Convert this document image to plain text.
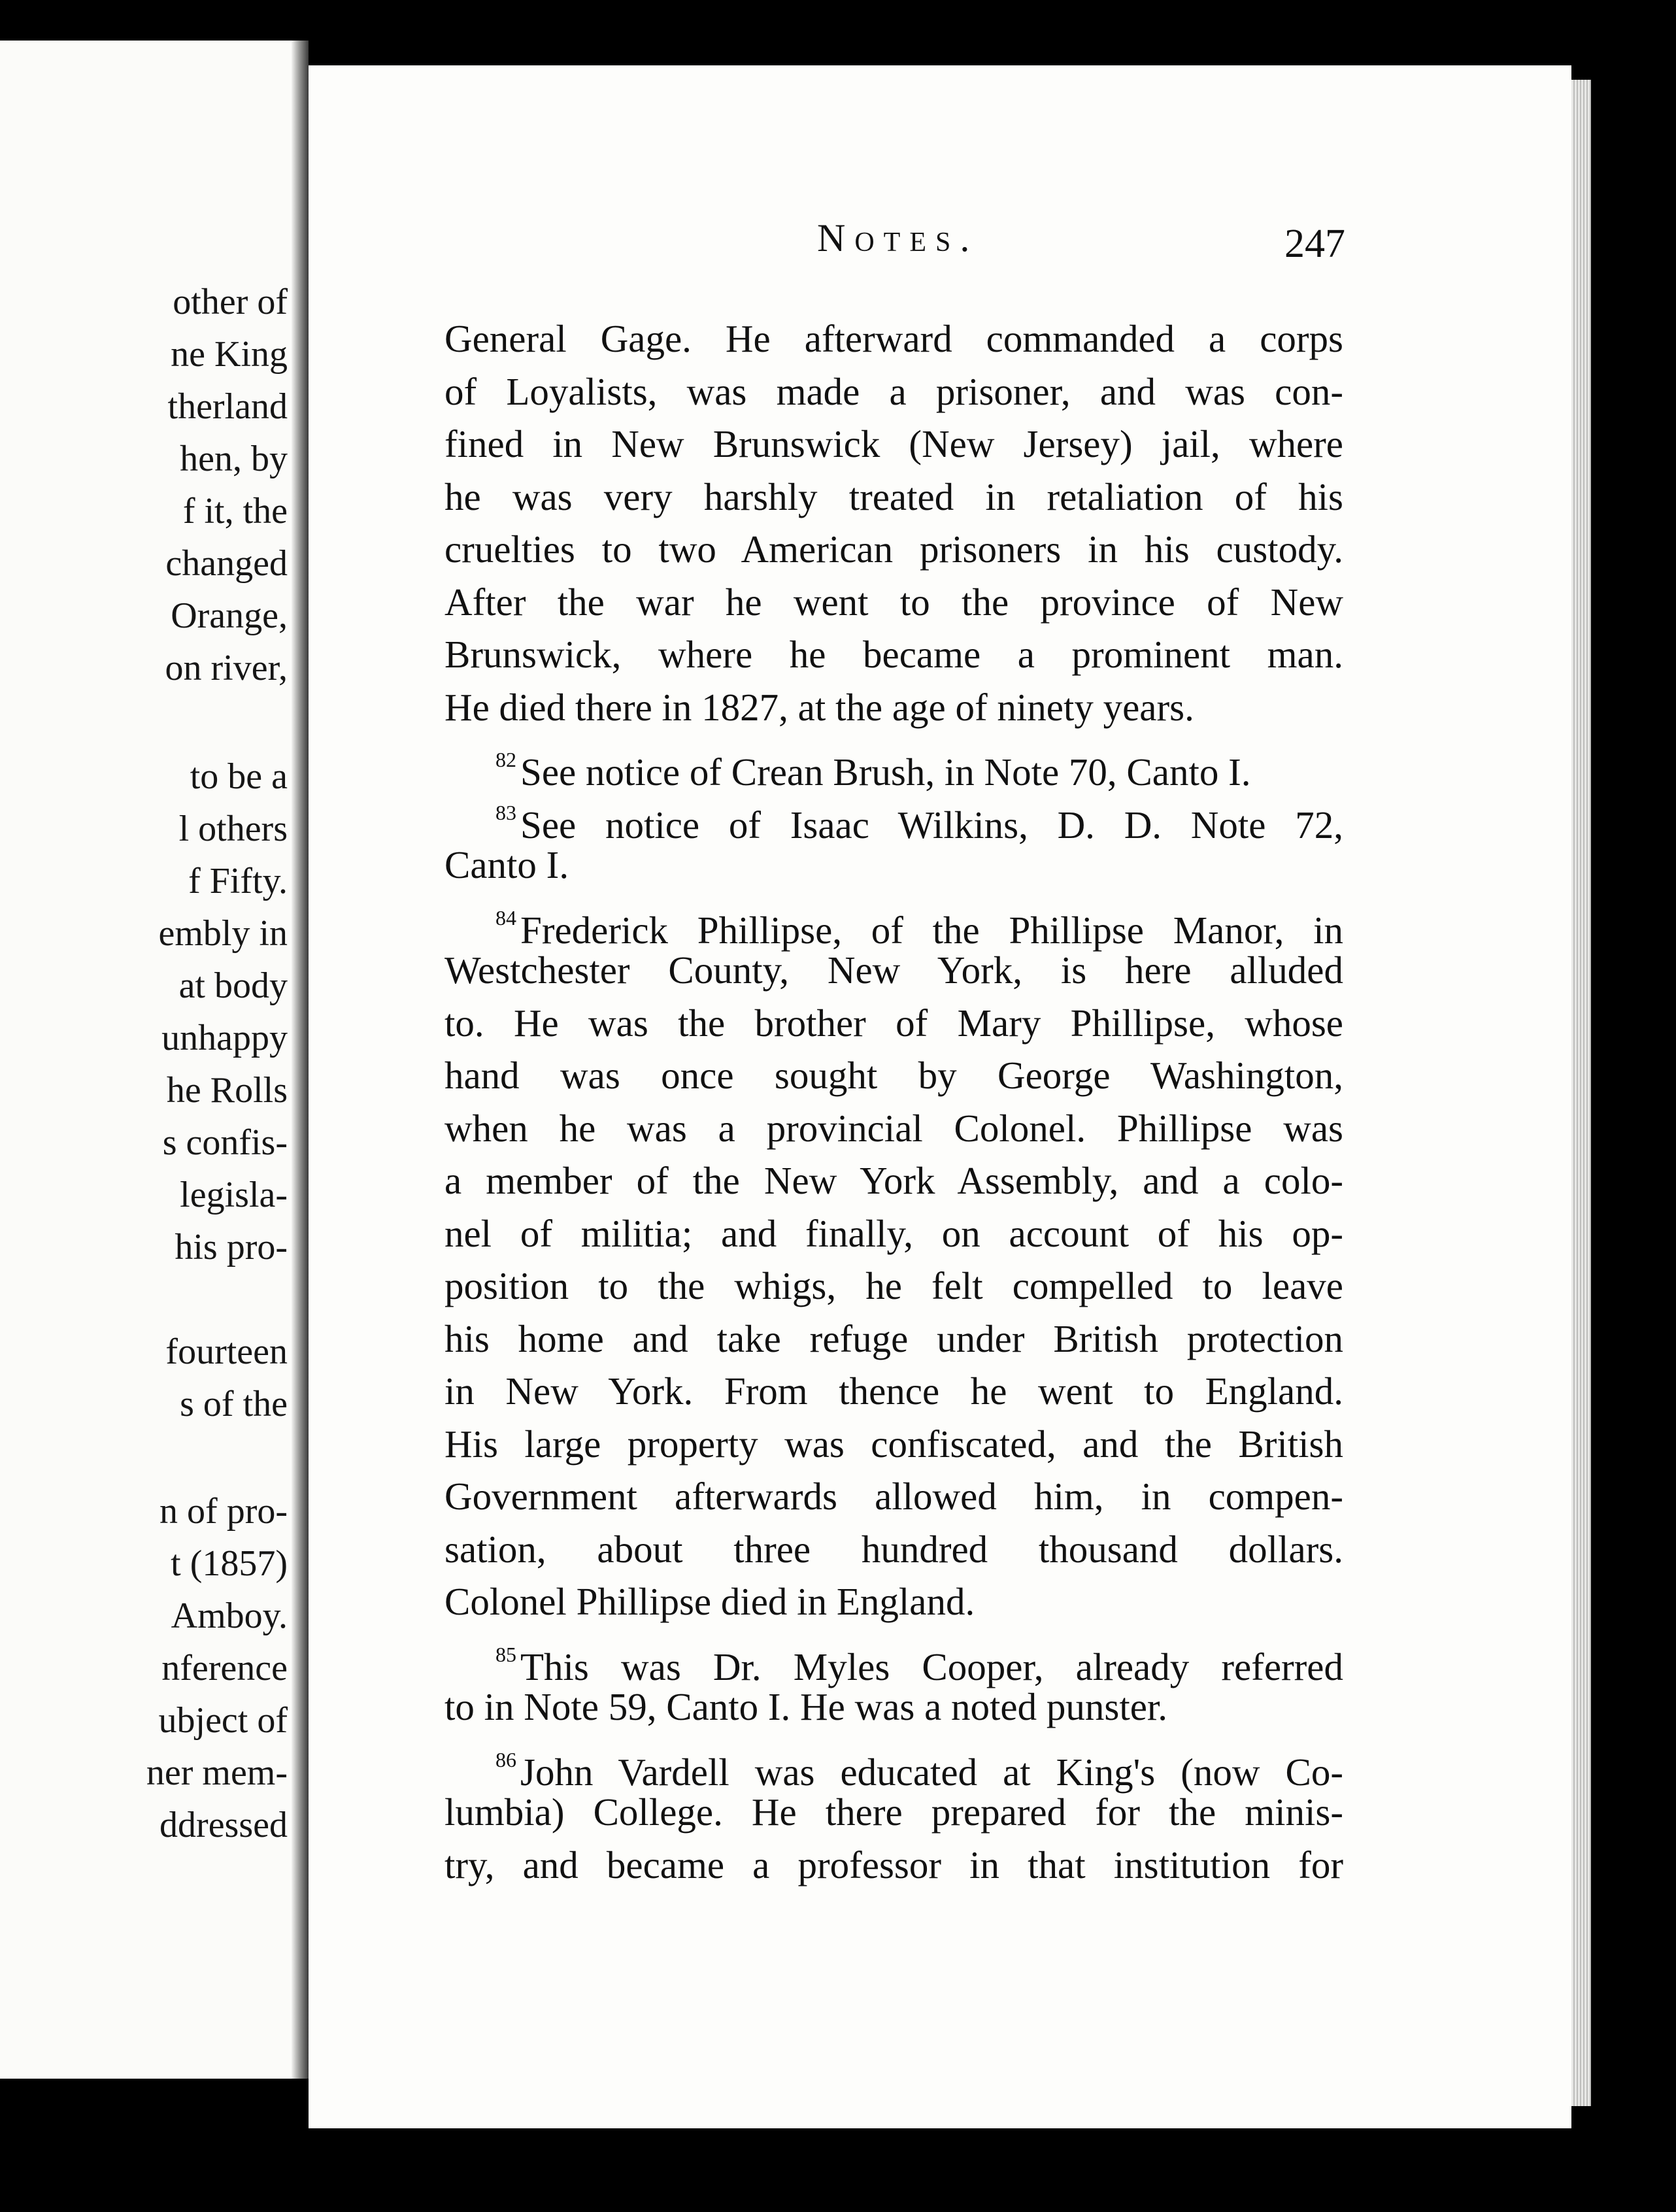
other of
ne King
therland
hen, by
f it, the
changed
Orange,
on river,
to be a
l others
f Fifty.
embly in
at body
unhappy
he Rolls
s confis-
legisla-
his pro-
fourteen
s of the
n of pro-
t (1857)
Amboy.
nference
ubject of
ner mem-
ddressed
Notes.	247
General Gage. He afterward commanded a corps
of Loyalists, was made a prisoner, and was con-
fined in New Brunswick (New Jersey) jail, where
he was very harshly treated in retaliation of his
cruelties to two American prisoners in his custody.
After the war he went to the province of New
Brunswick, where he became a prominent man.
He died there in 1827, at the age of ninety years.
$^{82}$ See notice of Crean Brush, in Note 70, Canto I.
$^{83}$ See notice of Isaac Wilkins, D. D. Note 72,
Canto I.
$^{84}$ Frederick Phillipse, of the Phillipse Manor, in
Westchester County, New York, is here alluded
to. He was the brother of Mary Phillipse, whose
hand was once sought by George Washington,
when he was a provincial Colonel. Phillipse was
a member of the New York Assembly, and a colo-
nel of militia; and finally, on account of his op-
position to the whigs, he felt compelled to leave
his home and take refuge under British protection
in New York. From thence he went to England.
His large property was confiscated, and the British
Government afterwards allowed him, in compen-
sation, about three hundred thousand dollars.
Colonel Phillipse died in England.
$^{85}$ This was Dr. Myles Cooper, already referred
to in Note 59, Canto I. He was a noted punster.
$^{86}$ John Vardell was educated at King's (now Co-
lumbia) College. He there prepared for the minis-
try, and became a professor in that institution for
